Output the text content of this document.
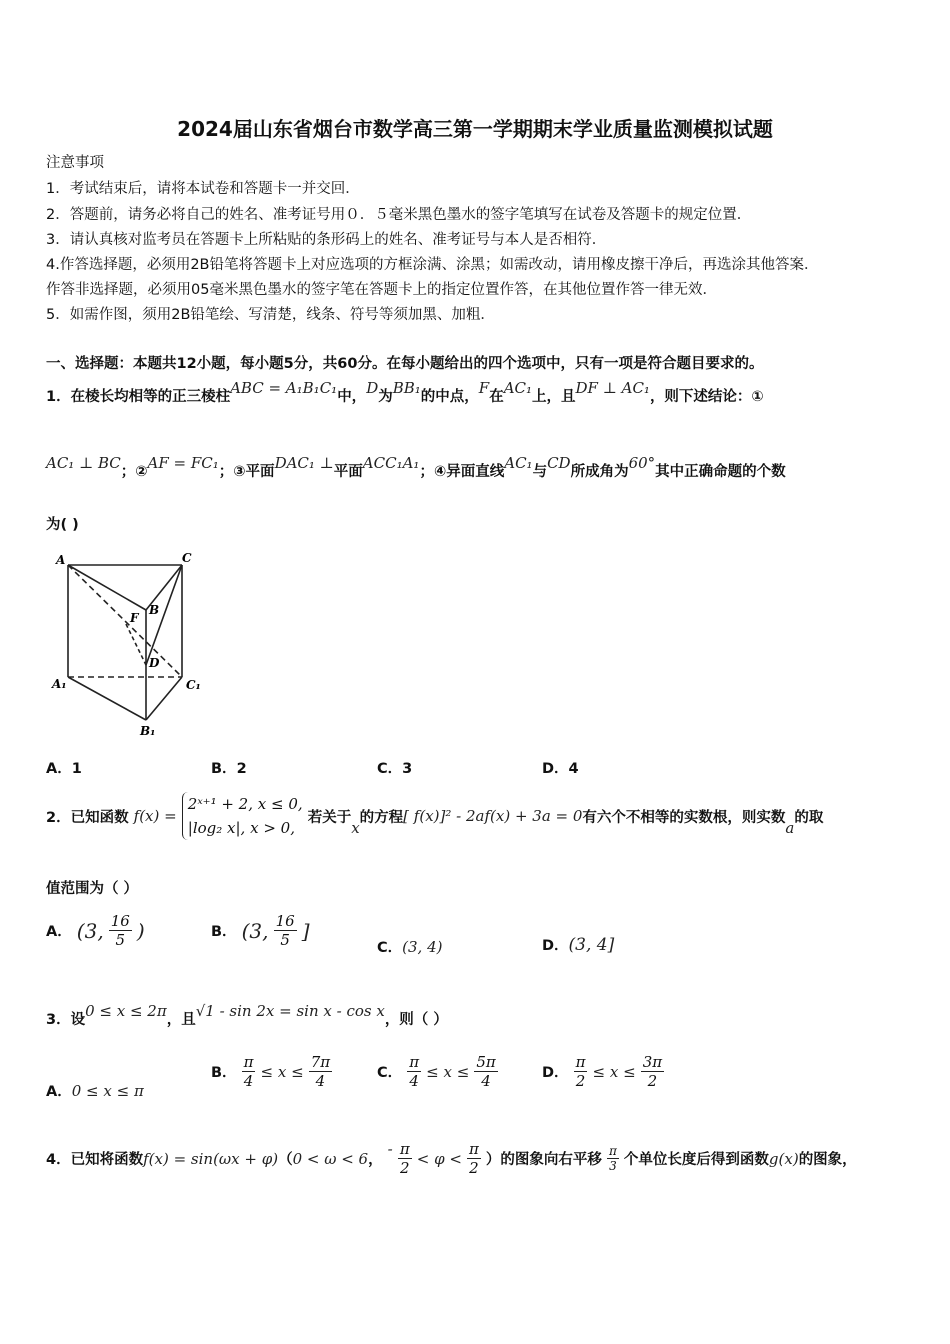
2024届山东省烟台市数学高三第一学期期末学业质量监测模拟试题
注意事项
1．考试结束后，请将本试卷和答题卡一并交回．
2．答题前，请务必将自己的姓名、准考证号用０．５毫米黑色墨水的签字笔填写在试卷及答题卡的规定位置．
3．请认真核对监考员在答题卡上所粘贴的条形码上的姓名、准考证号与本人是否相符．
4.作答选择题，必须用2B铅笔将答题卡上对应选项的方框涂满、涂黑；如需改动，请用橡皮擦干净后，再选涂其他答案．
作答非选择题，必须用05毫米黑色墨水的签字笔在答题卡上的指定位置作答，在其他位置作答一律无效．
5．如需作图，须用2B铅笔绘、写清楚，线条、符号等须加黑、加粗．
一、选择题：本题共12小题，每小题5分，共60分。在每小题给出的四个选项中，只有一项是符合题目要求的。
1．在棱长均相等的正三棱柱ABC = A₁B₁C₁中，D为BB₁的中点，F在AC₁上，且DF ⊥ AC₁，则下述结论：①
AC₁ ⊥ BC；②AF = FC₁；③平面DAC₁ ⊥平面ACC₁A₁；④异面直线AC₁与CD所成角为60°其中正确命题的个数
为( )
A	C
B
F
D
A₁	C₁
B₁
A．1	B．2	C．3	D．4
2．已知函数 f(x) =
2ˣ⁺¹ + 2, x ≤ 0,
|log₂ x|, x > 0,
若关于x的方程[ f(x)]² - 2af(x) + 3a = 0有六个不相等的实数根，则实数a的取
值范围为（ ）
A． (3, $\frac{16}{5}$ )	B． (3, $\frac{16}{5}$ ]
C．(3, 4)	D．(3, 4]
3．设0 ≤ x ≤ 2π，且√1 - sin 2x = sin x - cos x，则（ ）
A．0 ≤ x ≤ π
B． $\frac{\pi}{4} \le x \le \frac{7\pi}{4}$	C． $\frac{\pi}{4} \le x \le \frac{5\pi}{4}$	D． $\frac{\pi}{2} \le x \le \frac{3\pi}{2}$
4．已知将函数f(x) = sin(ωx + φ)（0 < ω < 6， - $\frac{\pi}{2} < \varphi < \frac{\pi}{2}$ ）的图象向右平移 $\frac{\pi}{3}$ 个单位长度后得到函数g(x)的图象，
